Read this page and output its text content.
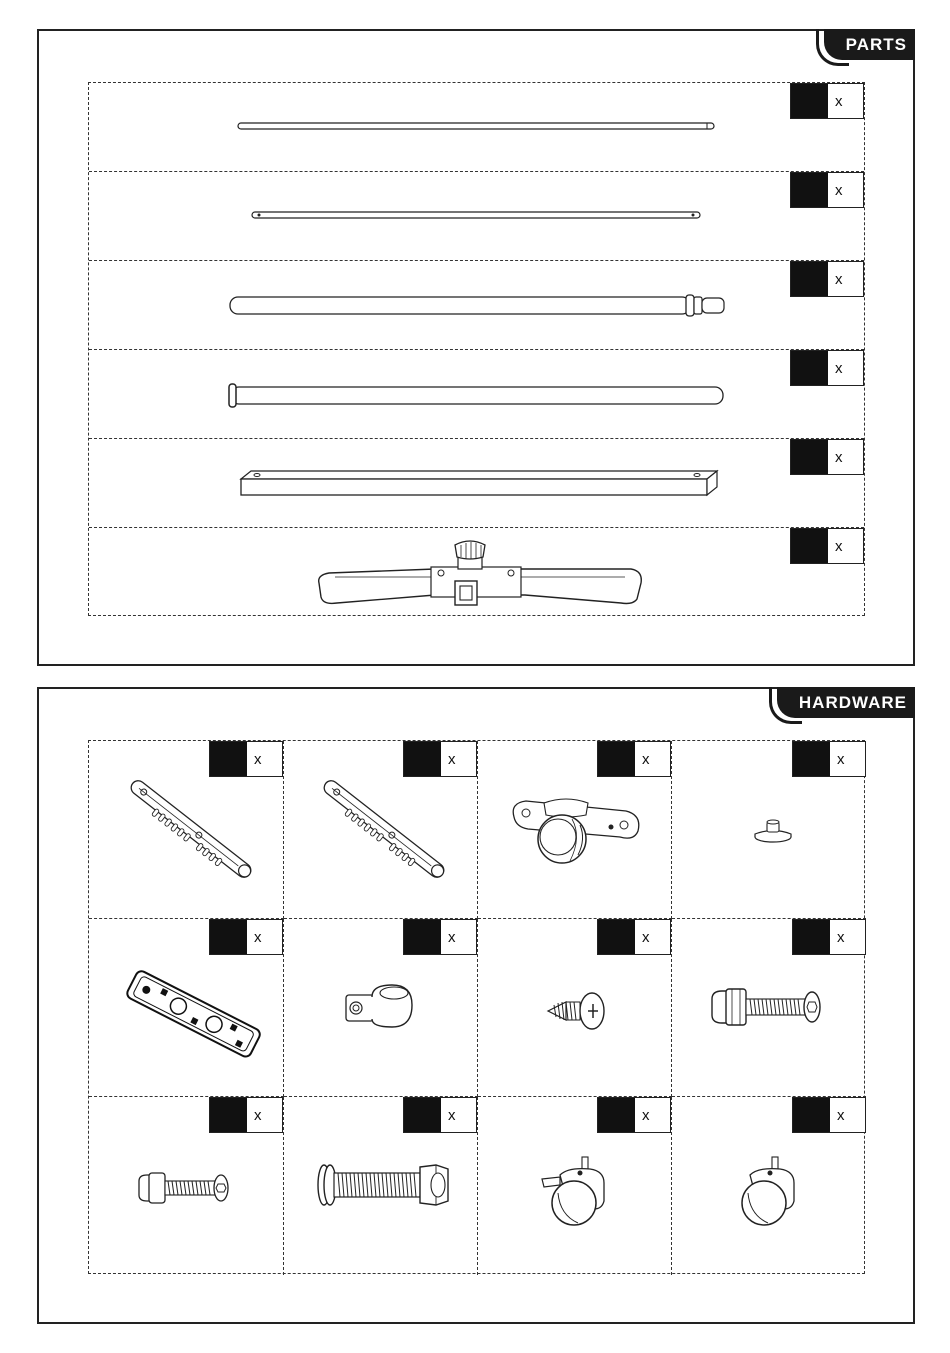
PARTS
x
x
x
x
x
x
HARDWARE
x	x	x	x
x	x	x	x
x	x	x	x
